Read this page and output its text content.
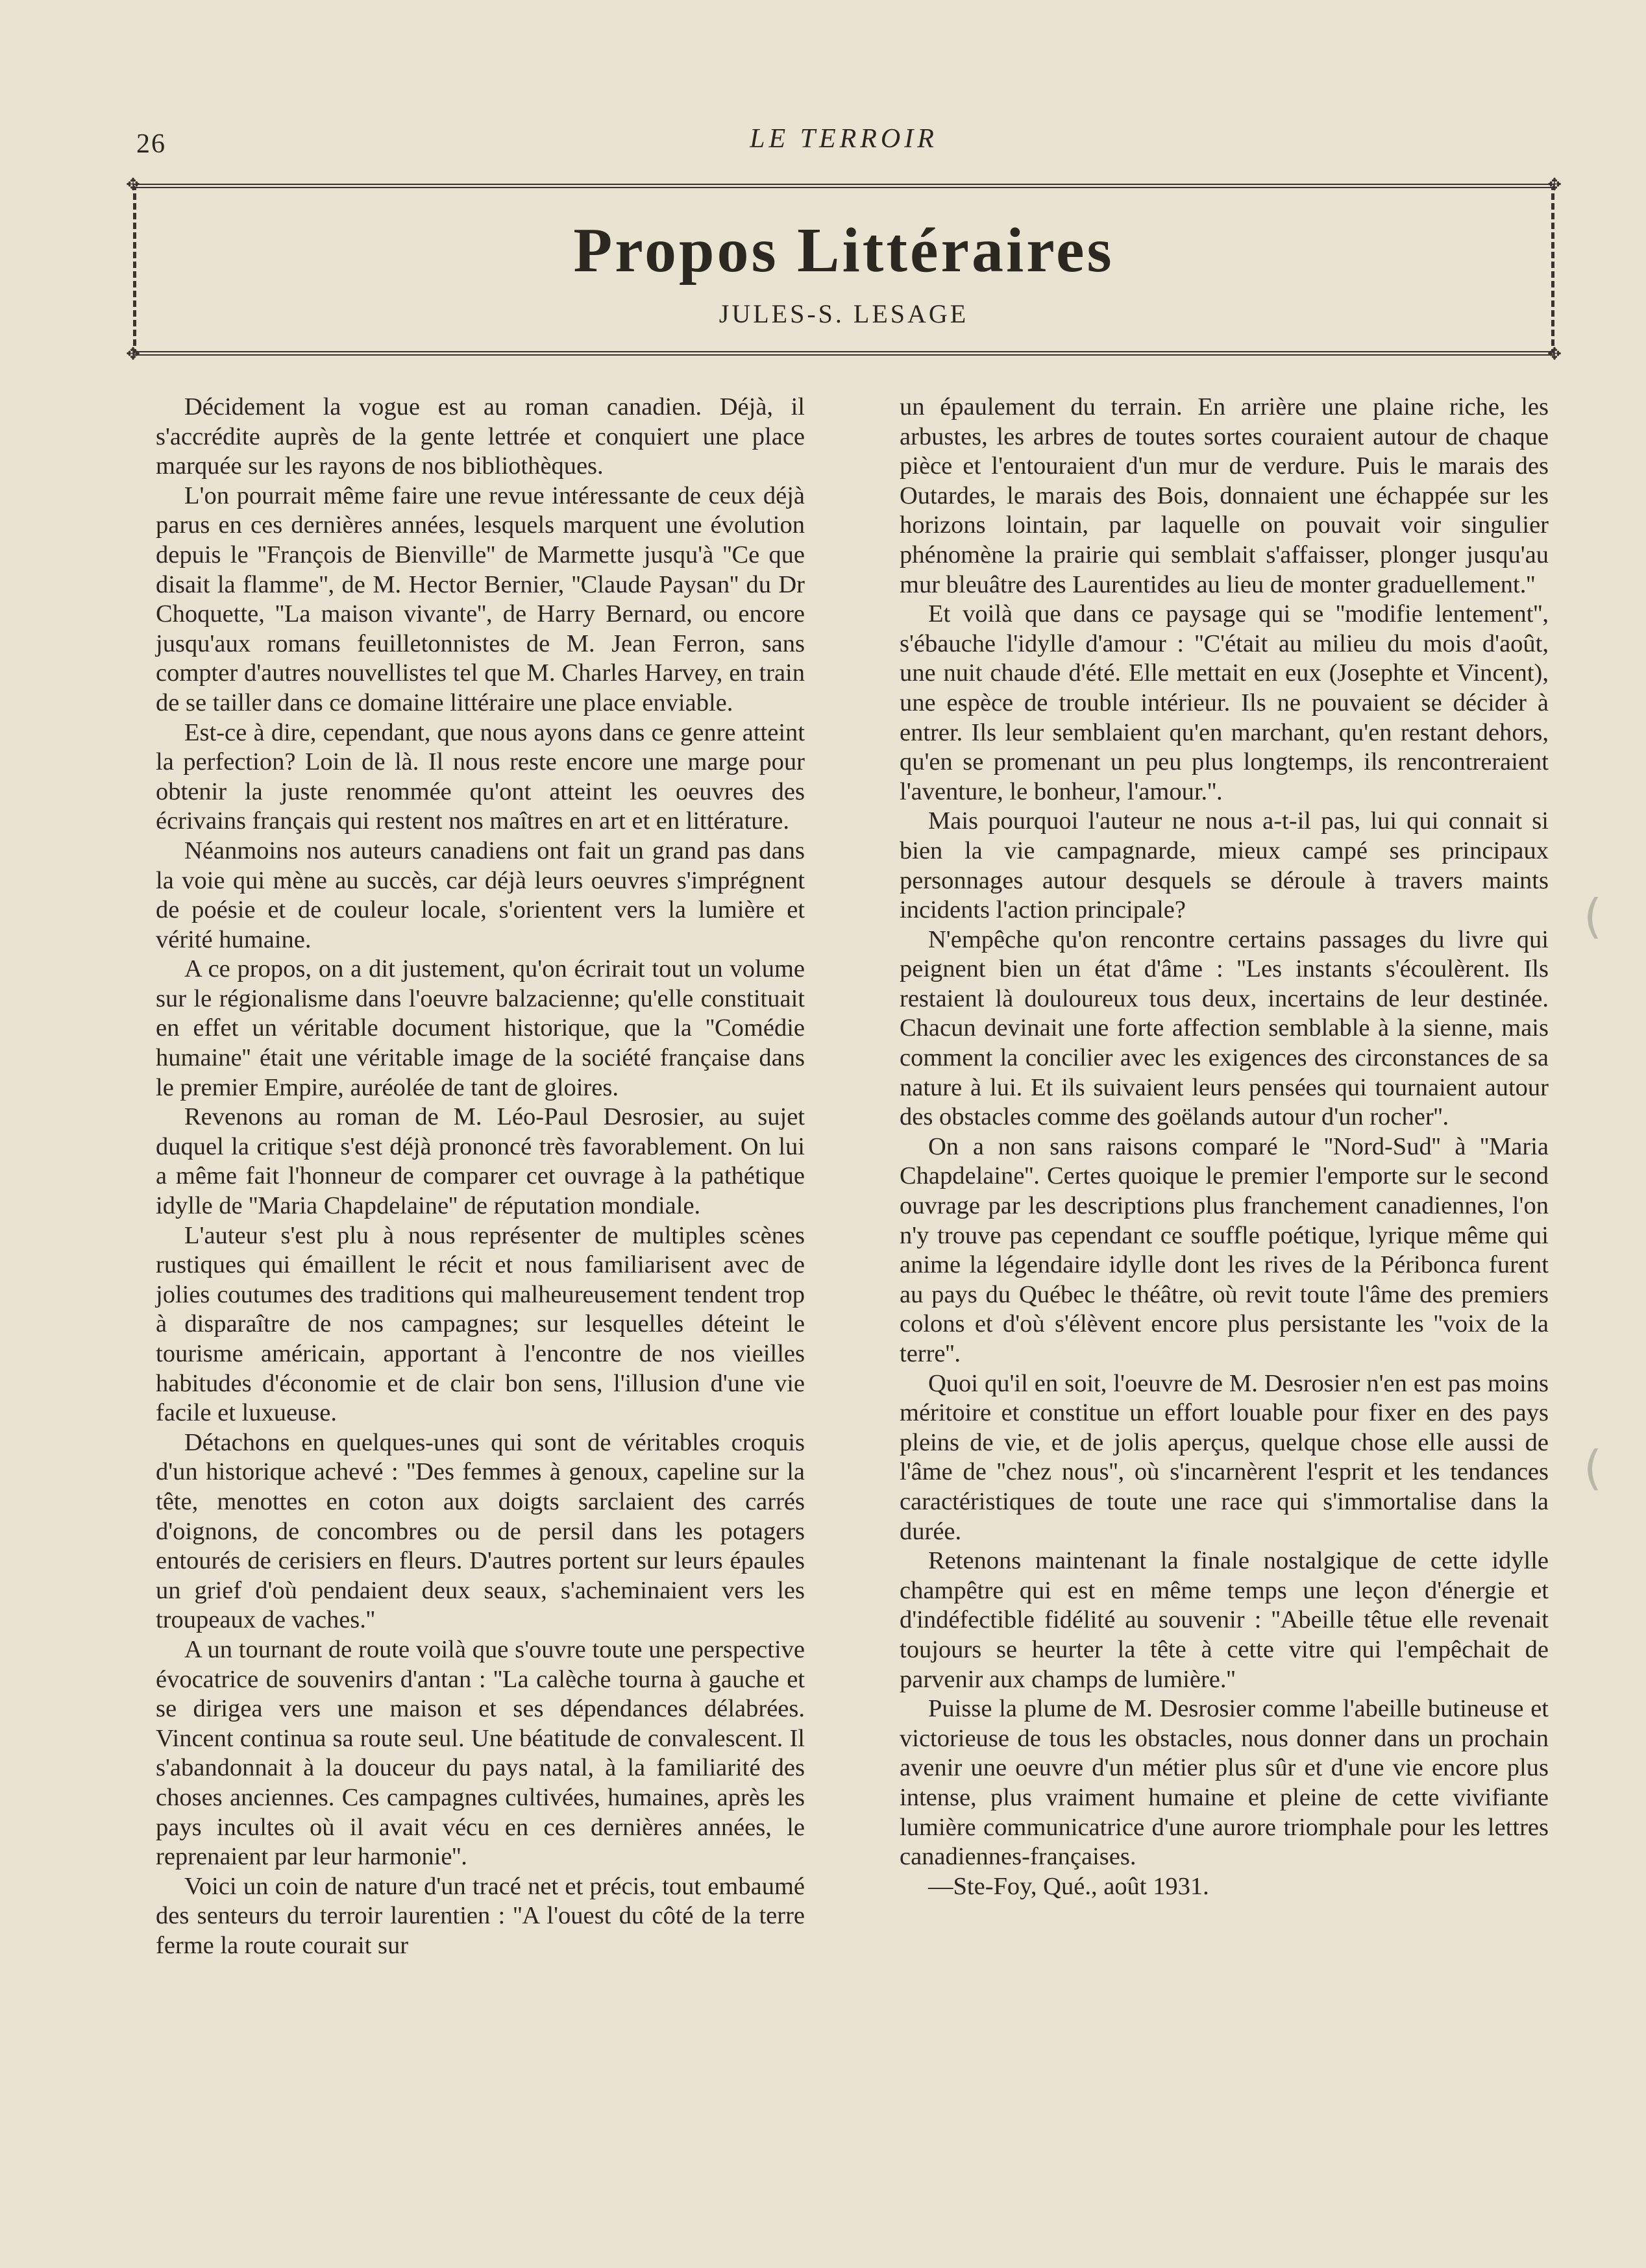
26	LE TERROIR
✥	✥
✥	✥
Propos Littéraires
JULES-S. LESAGE

Décidement la vogue est au roman canadien. Déjà, il s'accrédite auprès de la gente lettrée et conquiert une place marquée sur les rayons de nos bibliothèques.

L'on pourrait même faire une revue intéressante de ceux déjà parus en ces dernières années, lesquels marquent une évolution depuis le ''François de Bienville'' de Marmette jusqu'à ''Ce que disait la flamme'', de M. Hector Bernier, ''Claude Paysan'' du Dr Choquette, ''La maison vivante'', de Harry Bernard, ou encore jusqu'aux romans feuilletonnistes de M. Jean Ferron, sans compter d'autres nouvellistes tel que M. Charles Harvey, en train de se tailler dans ce domaine littéraire une place enviable.

Est-ce à dire, cependant, que nous ayons dans ce genre atteint la perfection? Loin de là. Il nous reste encore une marge pour obtenir la juste renommée qu'ont atteint les oeuvres des écrivains français qui restent nos maîtres en art et en littérature.

Néanmoins nos auteurs canadiens ont fait un grand pas dans la voie qui mène au succès, car déjà leurs oeuvres s'imprégnent de poésie et de couleur locale, s'orientent vers la lumière et vérité humaine.

A ce propos, on a dit justement, qu'on écrirait tout un volume sur le régionalisme dans l'oeuvre balzacienne; qu'elle constituait en effet un véritable document historique, que la ''Comédie humaine'' était une véritable image de la société française dans le premier Empire, auréolée de tant de gloires.

Revenons au roman de M. Léo-Paul Desrosier, au sujet duquel la critique s'est déjà prononcé très favorablement. On lui a même fait l'honneur de comparer cet ouvrage à la pathétique idylle de ''Maria Chapdelaine'' de réputation mondiale.

L'auteur s'est plu à nous représenter de multiples scènes rustiques qui émaillent le récit et nous familiarisent avec de jolies coutumes des traditions qui malheureusement tendent trop à disparaître de nos campagnes; sur lesquelles déteint le tourisme américain, apportant à l'encontre de nos vieilles habitudes d'économie et de clair bon sens, l'illusion d'une vie facile et luxueuse.

Détachons en quelques-unes qui sont de véritables croquis d'un historique achevé : ''Des femmes à genoux, capeline sur la tête, menottes en coton aux doigts sarclaient des carrés d'oignons, de concombres ou de persil dans les potagers entourés de cerisiers en fleurs. D'autres portent sur leurs épaules un grief d'où pendaient deux seaux, s'acheminaient vers les troupeaux de vaches.''

A un tournant de route voilà que s'ouvre toute une perspective évocatrice de souvenirs d'antan : ''La calèche tourna à gauche et se dirigea vers une maison et ses dépendances délabrées. Vincent continua sa route seul. Une béatitude de convalescent. Il s'abandonnait à la douceur du pays natal, à la familiarité des choses anciennes. Ces campagnes cultivées, humaines, après les pays incultes où il avait vécu en ces dernières années, le reprenaient par leur harmonie''.

Voici un coin de nature d'un tracé net et précis, tout embaumé des senteurs du terroir laurentien : ''A l'ouest du côté de la terre ferme la route courait sur

un épaulement du terrain. En arrière une plaine riche, les arbustes, les arbres de toutes sortes couraient autour de chaque pièce et l'entouraient d'un mur de verdure. Puis le marais des Outardes, le marais des Bois, donnaient une échappée sur les horizons lointain, par laquelle on pouvait voir singulier phénomène la prairie qui semblait s'affaisser, plonger jusqu'au mur bleuâtre des Laurentides au lieu de monter graduellement.''

Et voilà que dans ce paysage qui se ''modifie lentement'', s'ébauche l'idylle d'amour : ''C'était au milieu du mois d'août, une nuit chaude d'été. Elle mettait en eux (Josephte et Vincent), une espèce de trouble intérieur. Ils ne pouvaient se décider à entrer. Ils leur semblaient qu'en marchant, qu'en restant dehors, qu'en se promenant un peu plus longtemps, ils rencontreraient l'aventure, le bonheur, l'amour.''.

Mais pourquoi l'auteur ne nous a-t-il pas, lui qui connait si bien la vie campagnarde, mieux campé ses principaux personnages autour desquels se déroule à travers maints incidents l'action principale?

N'empêche qu'on rencontre certains passages du livre qui peignent bien un état d'âme : ''Les instants s'écoulèrent. Ils restaient là douloureux tous deux, incertains de leur destinée. Chacun devinait une forte affection semblable à la sienne, mais comment la concilier avec les exigences des circonstances de sa nature à lui. Et ils suivaient leurs pensées qui tournaient autour des obstacles comme des goëlands autour d'un rocher''.

On a non sans raisons comparé le ''Nord-Sud'' à ''Maria Chapdelaine''. Certes quoique le premier l'emporte sur le second ouvrage par les descriptions plus franchement canadiennes, l'on n'y trouve pas cependant ce souffle poétique, lyrique même qui anime la légendaire idylle dont les rives de la Péribonca furent au pays du Québec le théâtre, où revit toute l'âme des premiers colons et d'où s'élèvent encore plus persistante les ''voix de la terre''.

Quoi qu'il en soit, l'oeuvre de M. Desrosier n'en est pas moins méritoire et constitue un effort louable pour fixer en des pays pleins de vie, et de jolis aperçus, quelque chose elle aussi de l'âme de ''chez nous'', où s'incarnèrent l'esprit et les tendances caractéristiques de toute une race qui s'immortalise dans la durée.

Retenons maintenant la finale nostalgique de cette idylle champêtre qui est en même temps une leçon d'énergie et d'indéfectible fidélité au souvenir : ''Abeille têtue elle revenait toujours se heurter la tête à cette vitre qui l'empêchait de parvenir aux champs de lumière.''

Puisse la plume de M. Desrosier comme l'abeille butineuse et victorieuse de tous les obstacles, nous donner dans un prochain avenir une oeuvre d'un métier plus sûr et d'une vie encore plus intense, plus vraiment humaine et pleine de cette vivifiante lumière communicatrice d'une aurore triomphale pour les lettres canadiennes-françaises.

—Ste-Foy, Qué., août 1931.

(
(
